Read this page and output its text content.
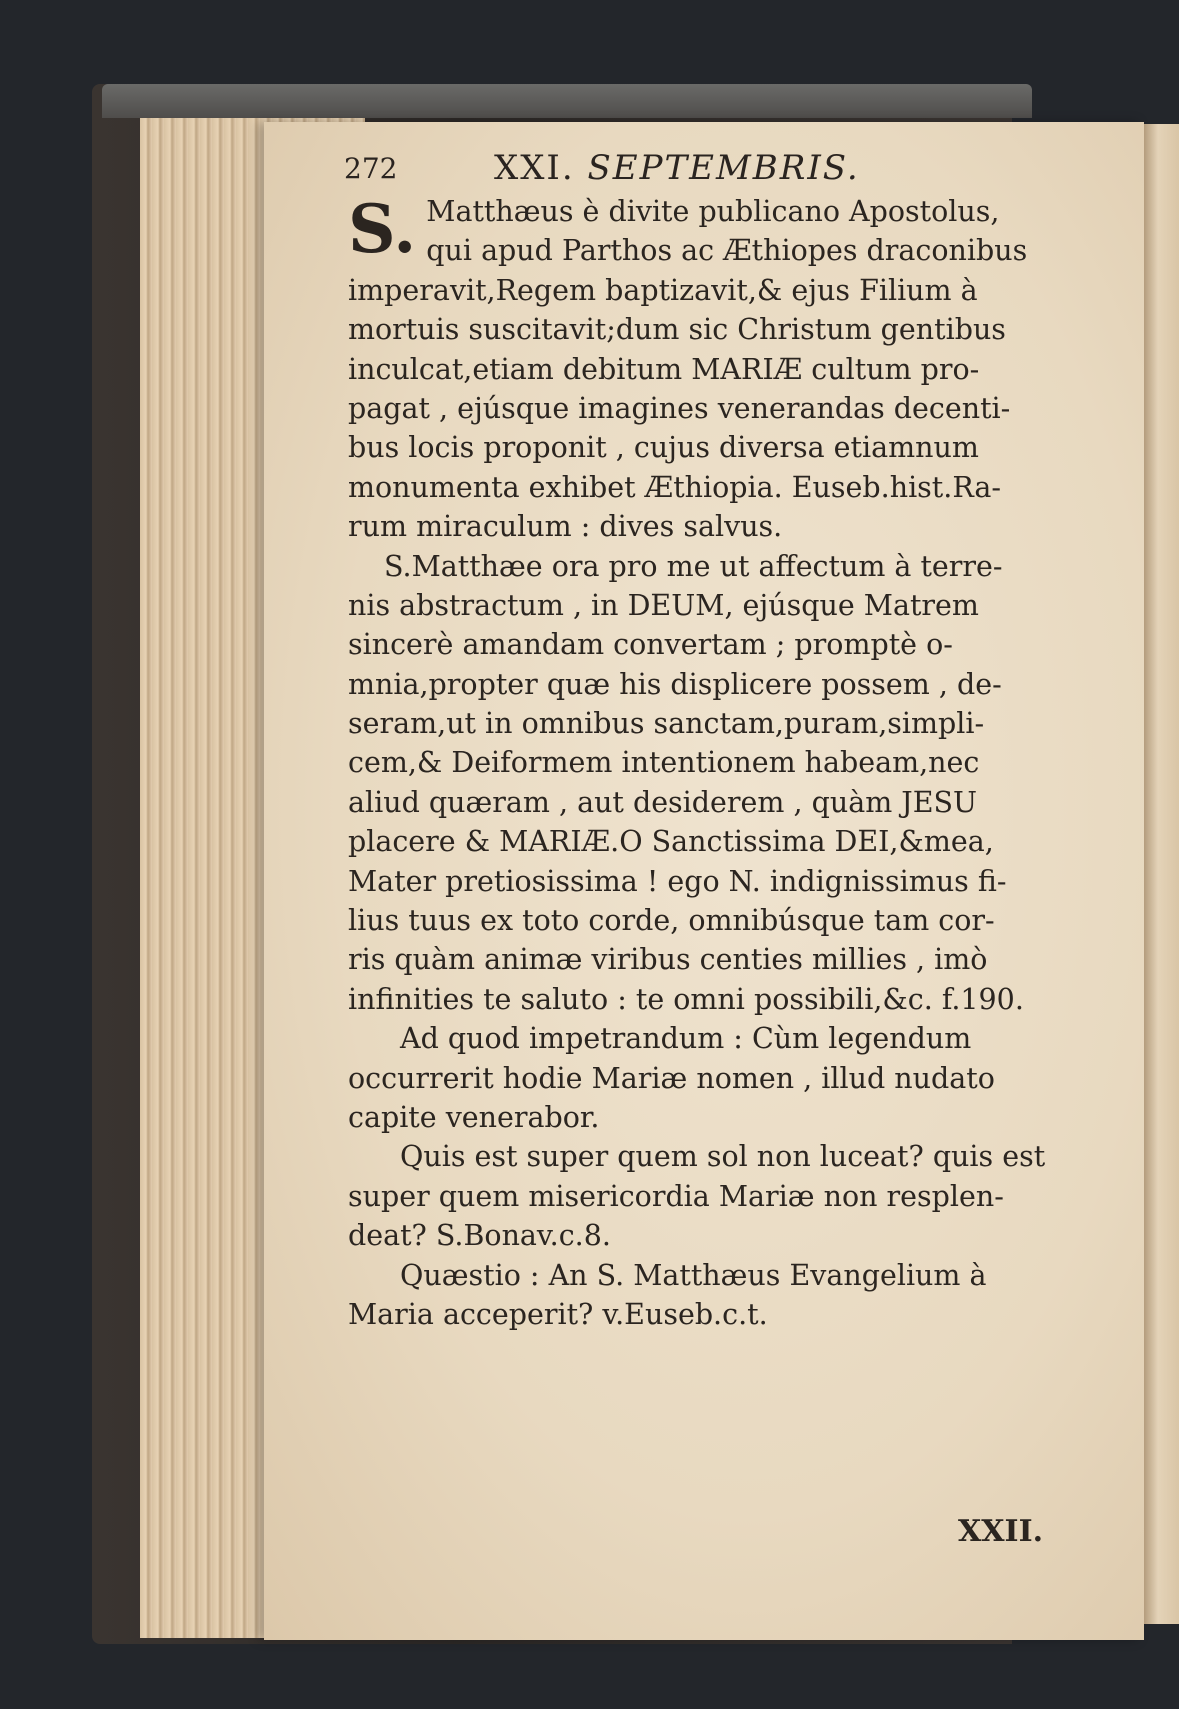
272	XXI. SEPTEMBRIS.
S. Matthæus è divite publicano Apostolus,
qui apud Parthos ac Æthiopes draconibus
imperavit,Regem baptizavit,& ejus Filium à
mortuis suscitavit;dum sic Christum gentibus
inculcat,etiam debitum MARIÆ cultum pro-
pagat , ejúsque imagines venerandas decenti-
bus locis proponit , cujus diversa etiamnum
monumenta exhibet Æthiopia. Euseb.hist.Ra-
rum miraculum : dives salvus.
S.Matthæe ora pro me ut affectum à terre-
nis abstractum , in DEUM, ejúsque Matrem
sincerè amandam convertam ; promptè o-
mnia,propter quæ his displicere possem , de-
seram,ut in omnibus sanctam,puram,simpli-
cem,& Deiformem intentionem habeam,nec
aliud quæram , aut desiderem , quàm JESU
placere & MARIÆ.O Sanctissima DEI,&mea,
Mater pretiosissima ! ego N. indignissimus fi-
lius tuus ex toto corde, omnibúsque tam cor-
ris quàm animæ viribus centies millies , imò
infinities te saluto : te omni possibili,&c. f.190.
Ad quod impetrandum : Cùm legendum
occurrerit hodie Mariæ nomen , illud nudato
capite venerabor.
Quis est super quem sol non luceat? quis est
super quem misericordia Mariæ non resplen-
deat? S.Bonav.c.8.
Quæstio : An S. Matthæus Evangelium à
Maria acceperit? v.Euseb.c.t.
XXII.
